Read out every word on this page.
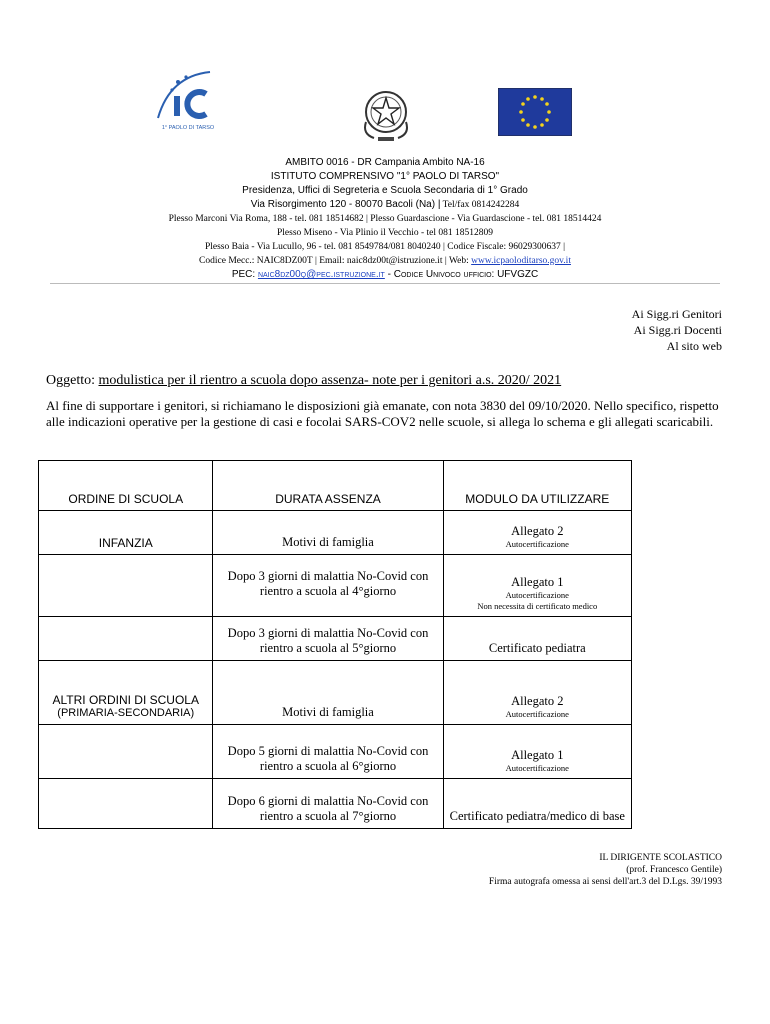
1° PAOLO DI TARSO
AMBITO 0016 - DR Campania Ambito NA-16
ISTITUTO COMPRENSIVO "1° PAOLO DI TARSO"
Presidenza, Uffici di Segreteria e Scuola Secondaria di 1° Grado
Via Risorgimento 120 - 80070 Bacoli (Na) | Tel/fax 0814242284
Plesso Marconi Via Roma, 188 - tel. 081 18514682 | Plesso Guardascione - Via Guardascione - tel. 081 18514424
Plesso Miseno - Via Plinio il Vecchio - tel 081 18512809
Plesso Baia - Via Lucullo, 96 - tel. 081 8549784/081 8040240 | Codice Fiscale: 96029300637 |
Codice Mecc.: NAIC8DZ00T | Email: naic8dz00t@istruzione.it | Web: www.icpaoloditarso.gov.it
PEC: naic8dz00q@pec.istruzione.it - Codice Univoco ufficio: UFVGZC
Ai Sigg.ri Genitori
Ai Sigg.ri Docenti
Al sito web
Oggetto: modulistica per il rientro a scuola dopo assenza- note per i genitori a.s. 2020/ 2021
Al fine di supportare i genitori, si richiamano le disposizioni già emanate, con nota 3830 del 09/10/2020. Nello specifico, rispetto alle indicazioni operative per la gestione di casi e focolai SARS-COV2 nelle scuole, si allega lo schema e gli allegati scaricabili.
ORDINE DI SCUOLA	DURATA ASSENZA	MODULO DA UTILIZZARE
INFANZIA	Motivi di famiglia	Allegato 2
Autocertificazione

	Dopo 3 giorni di malattia No-Covid con rientro a scuola al 4°giorno	Allegato 1
Autocertificazione
Non necessita di certificato medico

	Dopo 3 giorni di malattia No-Covid con rientro a scuola al 5°giorno	Certificato pediatra
ALTRI ORDINI DI SCUOLA
(PRIMARIA-SECONDARIA)	Motivi di famiglia	Allegato 2
Autocertificazione

	Dopo 5 giorni di malattia No-Covid con rientro a scuola al 6°giorno	Allegato 1
Autocertificazione

	Dopo 6 giorni di malattia No-Covid con rientro a scuola al 7°giorno	Certificato pediatra/medico di base
IL DIRIGENTE SCOLASTICO
(prof. Francesco Gentile)
Firma autografa omessa ai sensi dell'art.3 del D.Lgs. 39/1993
